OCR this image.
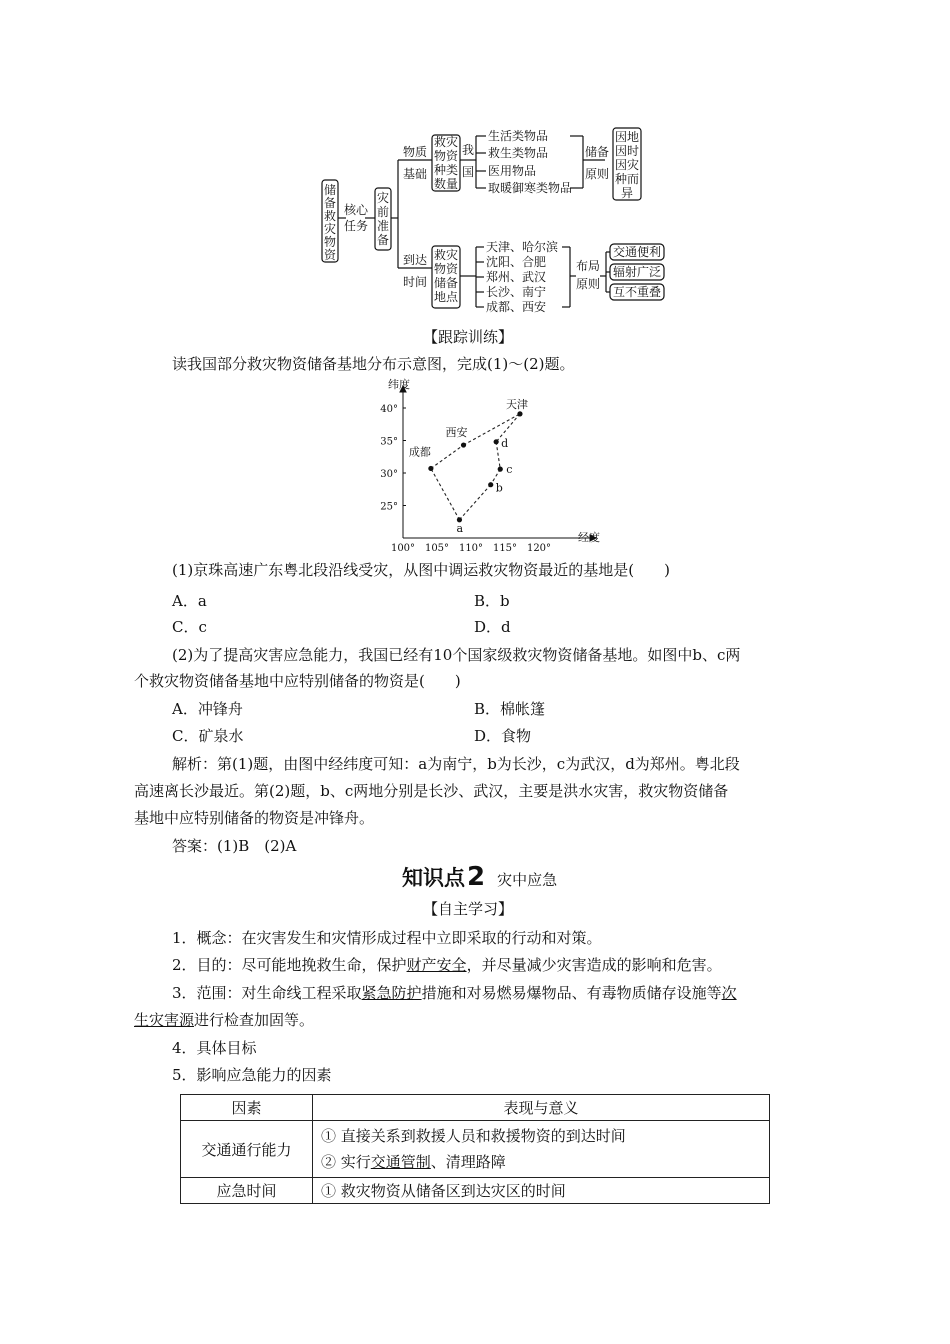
储备救灾物资
核心
任务
灾前准备
物质
基础
到达
时间
救灾
物资
种类
数量
我
国
生活类物品
救生类物品
医用物品
取暖御寒类物品
储备
原则
因地
因时
因灾
种而
异
救灾
物资
储备
地点
天津、哈尔滨
沈阳、合肥
郑州、武汉
长沙、南宁
成都、西安
布局
原则
交通便利
辐射广泛
互不重叠
【跟踪训练】
读我国部分救灾物资储备基地分布示意图，完成(1)～(2)题。
纬度
经度
100° 105° 110° 115° 120°
25°
30°
35°
40°	天津
西安
成都
a
b
c
d
(1)京珠高速广东粤北段沿线受灾，从图中调运救灾物资最近的基地是(　　)
A．a	B．b
C．c	D．d
(2)为了提高灾害应急能力，我国已经有10个国家级救灾物资储备基地。如图中b、c两
个救灾物资储备基地中应特别储备的物资是(　　)
A．冲锋舟	B．棉帐篷
C．矿泉水	D．食物
解析：第(1)题，由图中经纬度可知：a为南宁，b为长沙，c为武汉，d为郑州。粤北段
高速离长沙最近。第(2)题，b、c两地分别是长沙、武汉，主要是洪水灾害，救灾物资储备
基地中应特别储备的物资是冲锋舟。
答案：(1)B　(2)A
知识点2 灾中应急
【自主学习】
1．概念：在灾害发生和灾情形成过程中立即采取的行动和对策。
2．目的：尽可能地挽救生命，保护财产安全，并尽量减少灾害造成的影响和危害。
3．范围：对生命线工程采取紧急防护措施和对易燃易爆物品、有毒物质储存设施等次
生灾害源进行检查加固等。
4．具体目标
5．影响应急能力的因素
因素	表现与意义
交通通行能力	① 直接关系到救援人员和救援物资的到达时间
② 实行交通管制、清理路障

应急时间	① 救灾物资从储备区到达灾区的时间
